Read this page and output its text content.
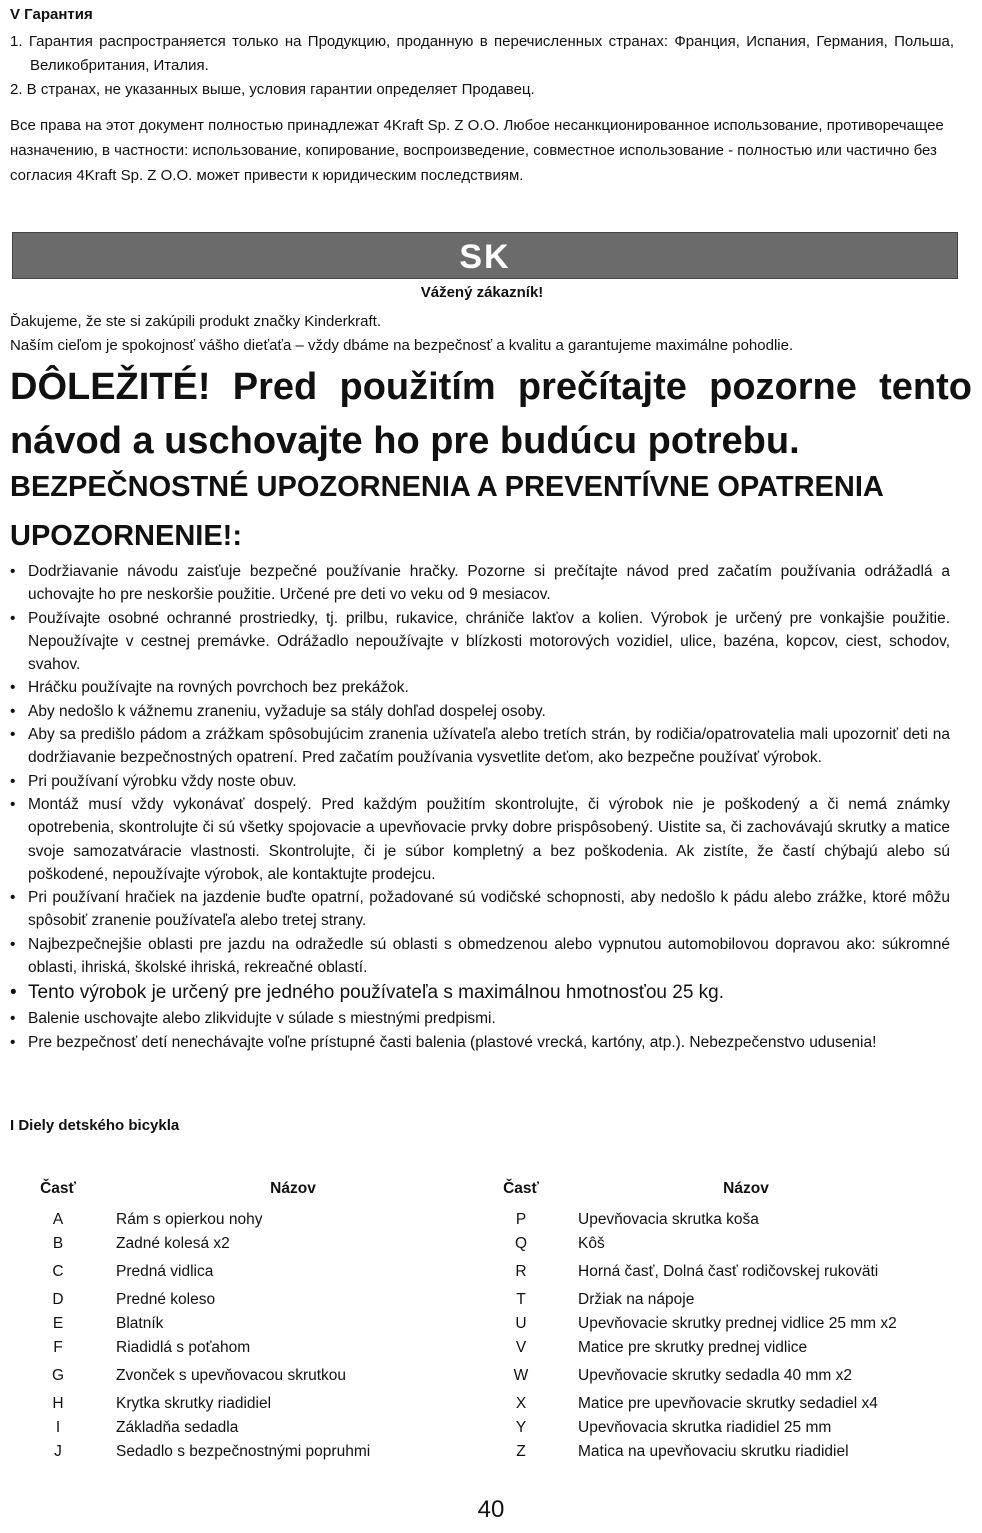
V Гарантия
1. Гарантия распространяется только на Продукцию, проданную в перечисленных странах: Франция, Испания, Германия, Польша, Великобритания, Италия.
2. В странах, не указанных выше, условия гарантии определяет Продавец.
Все права на этот документ полностью принадлежат 4Kraft Sp. Z O.O. Любое несанкционированное использование, противоречащее назначению, в частности: использование, копирование, воспроизведение, совместное использование - полностью или частично без согласия 4Kraft Sp. Z O.O. может привести к юридическим последствиям.
SK
Vážený zákazník!
Ďakujeme, že ste si zakúpili produkt značky Kinderkraft.
Naším cieľom je spokojnosť vášho dieťaťa – vždy dbáme na bezpečnosť a kvalitu a garantujeme maximálne pohodlie.
DÔLEŽITÉ! Pred použitím prečítajte pozorne tento návod a uschovajte ho pre budúcu potrebu.
BEZPEČNOSTNÉ UPOZORNENIA A PREVENTÍVNE OPATRENIA
UPOZORNENIE!:
• Dodržiavanie návodu zaisťuje bezpečné používanie hračky. Pozorne si prečítajte návod pred začatím používania odrážadlá a uchovajte ho pre neskoršie použitie. Určené pre deti vo veku od 9 mesiacov.
• Používajte osobné ochranné prostriedky, tj. prilbu, rukavice, chrániče lakťov a kolien. Výrobok je určený pre vonkajšie použitie. Nepoužívajte v cestnej premávke. Odrážadlo nepoužívajte v blízkosti motorových vozidiel, ulice, bazéna, kopcov, ciest, schodov, svahov.
• Hráčku používajte na rovných povrchoch bez prekážok.
• Aby nedošlo k vážnemu zraneniu, vyžaduje sa stály dohľad dospelej osoby.
• Aby sa predišlo pádom a zrážkam spôsobujúcim zranenia užívateľa alebo tretích strán, by rodičia/opatrovatelia mali upozorniť deti na dodržiavanie bezpečnostných opatrení. Pred začatím používania vysvetlite deťom, ako bezpečne používať výrobok.
• Pri používaní výrobku vždy noste obuv.
• Montáž musí vždy vykonávať dospelý. Pred každým použitím skontrolujte, či výrobok nie je poškodený a či nemá známky opotrebenia, skontrolujte či sú všetky spojovacie a upevňovacie prvky dobre prispôsobený. Uistite sa, či zachovávajú skrutky a matice svoje samozatváracie vlastnosti. Skontrolujte, či je súbor kompletný a bez poškodenia. Ak zistíte, že častí chýbajú alebo sú poškodené, nepoužívajte výrobok, ale kontaktujte prodejcu.
• Pri používaní hračiek na jazdenie buďte opatrní, požadované sú vodičské schopnosti, aby nedošlo k pádu alebo zrážke, ktoré môžu spôsobiť zranenie používateľa alebo tretej strany.
• Najbezpečnejšie oblasti pre jazdu na odražedle sú oblasti s obmedzenou alebo vypnutou automobilovou dopravou ako: súkromné oblasti, ihriská, školské ihriská, rekreačné oblastí.
• Tento výrobok je určený pre jedného používateľa s maximálnou hmotnosťou 25 kg.
• Balenie uschovajte alebo zlikvidujte v súlade s miestnými predpismi.
• Pre bezpečnosť detí nenechávajte voľne prístupné časti balenia (plastové vrecká, kartóny, atp.). Nebezpečenstvo udusenia!
I Diely detského bicykla
Časť	Názov	Časť	Názov
A	Rám s opierkou nohy	P	Upevňovacia skrutka koša
B	Zadné kolesá x2	Q	Kôš
C	Predná vidlica	R	Horná časť, Dolná časť rodičovskej rukoväti
D	Predné koleso	T	Držiak na nápoje
E	Blatník	U	Upevňovacie skrutky prednej vidlice 25 mm x2
F	Riadidlá s poťahom	V	Matice pre skrutky prednej vidlice
G	Zvonček s upevňovacou skrutkou	W	Upevňovacie skrutky sedadla 40 mm x2
H	Krytka skrutky riadidiel	X	Matice pre upevňovacie skrutky sedadiel x4
I	Základňa sedadla	Y	Upevňovacia skrutka riadidiel 25 mm
J	Sedadlo s bezpečnostnými popruhmi	Z	Matica na upevňovaciu skrutku riadidiel
40
